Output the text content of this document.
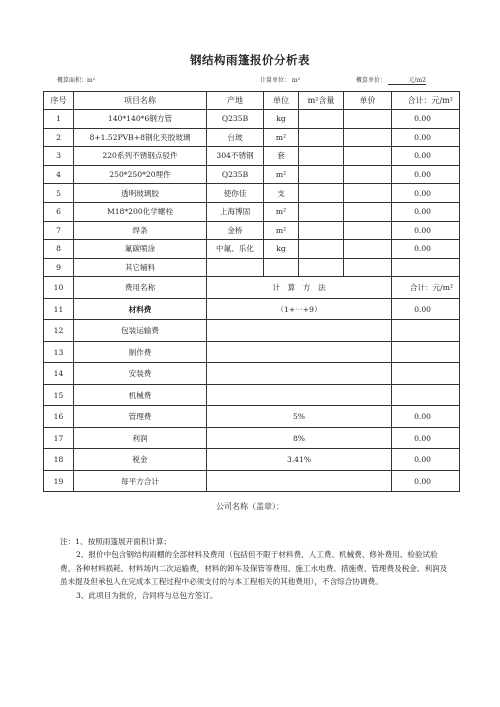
钢结构雨篷报价分析表
概算面积：m²	计量单位： m²	概算单价：	元/m2
序号	项目名称	产地	单位	m²含量	单价	合计：元/m²
1	140*140*6钢方管	Q235B	kg			0.00
2	8+1.52PVB+8钢化夹胶玻璃	台玻	m²			0.00
3	220系列不锈钢点驳件	304不锈钢	套			0.00
4	250*250*20埋件	Q235B	m²			0.00
5	透明玻璃胶	使你佳	支			0.00
6	M18*200化学螺栓	上海博固	m²			0.00
7	焊条	金桥	m²			0.00
8	氟碳喷涂	中氟、乐化	kg			0.00
9	其它辅料					
10	费用名称	计　算　方　法				合计：元/m²
11	材料费	（1+⋯+9）				0.00
12	包装运输费					
13	制作费					
14	安装费					
15	机械费					
16	管理费	5%				0.00
17	利润	8%				0.00
18	税金	3.41%				0.00
19	每平方合计					0.00
公司名称（盖章）：

注：1、按照雨篷展开面积计算；

2、报价中包含钢结构雨棚的全部材料及费用（包括但不限于材料费、人工费、机械费、修补费用、检验试验费、各种材料损耗、材料场内二次运输费，材料的卸车及保管等费用、施工水电费、措施费、管理费及税金、利润及虽未提及但承包人在完成本工程过程中必须支付的与本工程相关的其他费用），不含综合协调费。

3、此项目为批价，合同将与总包方签订。
